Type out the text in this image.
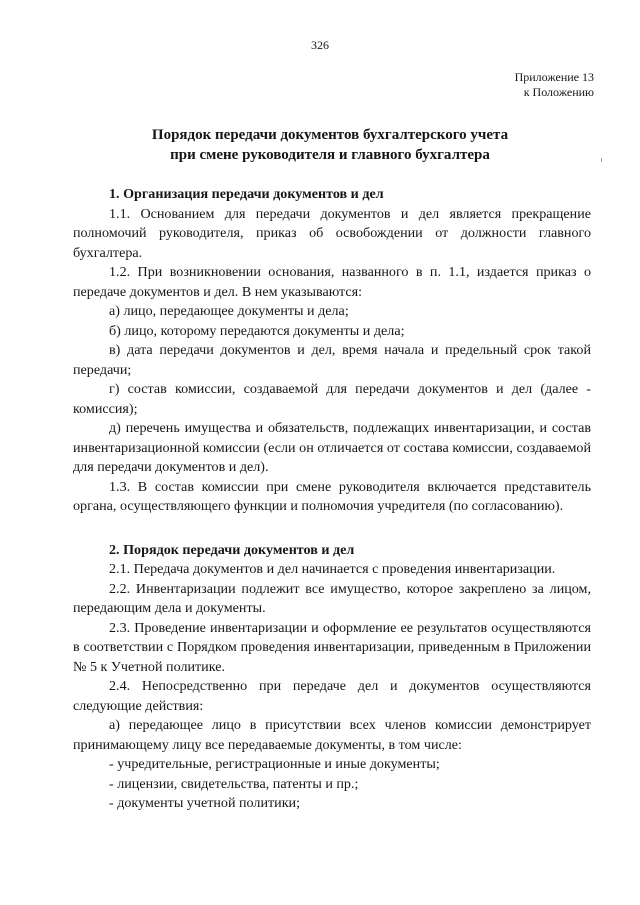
326
Приложение 13
к Положению
Порядок передачи документов бухгалтерского учета
при смене руководителя и главного бухгалтера

1. Организация передачи документов и дел

1.1. Основанием для передачи документов и дел является прекращение полномочий руководителя, приказ об освобождении от должности главного бухгалтера.

1.2. При возникновении основания, названного в п. 1.1, издается приказ о передаче документов и дел. В нем указываются:

а) лицо, передающее документы и дела;

б) лицо, которому передаются документы и дела;

в) дата передачи документов и дел, время начала и предельный срок такой передачи;

г) состав комиссии, создаваемой для передачи документов и дел (далее - комиссия);

д) перечень имущества и обязательств, подлежащих инвентаризации, и состав инвентаризационной комиссии (если он отличается от состава комиссии, создаваемой для передачи документов и дел).

1.3. В состав комиссии при смене руководителя включается представитель органа, осуществляющего функции и полномочия учредителя (по согласованию).

2. Порядок передачи документов и дел

2.1. Передача документов и дел начинается с проведения инвентаризации.

2.2. Инвентаризации подлежит все имущество, которое закреплено за лицом, передающим дела и документы.

2.3. Проведение инвентаризации и оформление ее результатов осуществляются в соответствии с Порядком проведения инвентаризации, приведенным в Приложении № 5 к Учетной политике.

2.4. Непосредственно при передаче дел и документов осуществляются следующие действия:

а) передающее лицо в присутствии всех членов комиссии демонстрирует принимающему лицу все передаваемые документы, в том числе:

- учредительные, регистрационные и иные документы;

- лицензии, свидетельства, патенты и пр.;

- документы учетной политики;
